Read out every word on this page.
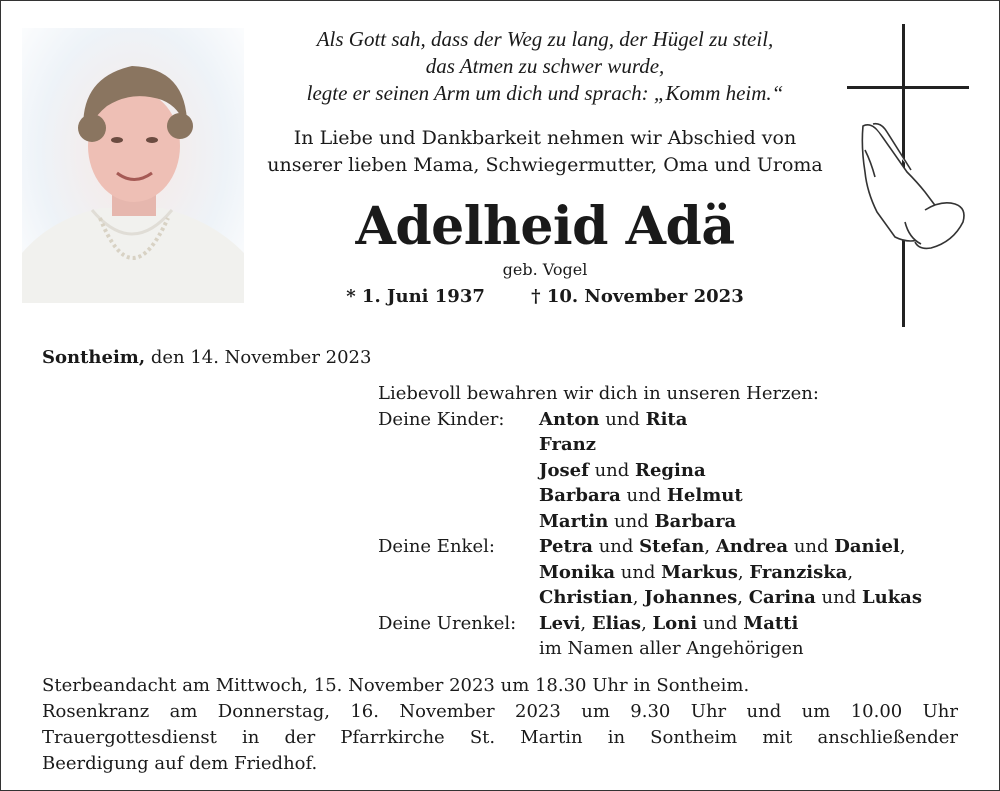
Als Gott sah, dass der Weg zu lang, der Hügel zu steil,
das Atmen zu schwer wurde,
legte er seinen Arm um dich und sprach: „Komm heim.“
In Liebe und Dankbarkeit nehmen wir Abschied von
unserer lieben Mama, Schwiegermutter, Oma und Uroma
Adelheid Adä
geb. Vogel
* 1. Juni 1937	† 10. November 2023
Sontheim, den 14. November 2023
Liebevoll bewahren wir dich in unseren Herzen:
Deine Kinder:	Anton und Rita
Franz
Josef und Regina
Barbara und Helmut
Martin und Barbara
Deine Enkel:	Petra und Stefan, Andrea und Daniel,
Monika und Markus, Franziska,
Christian, Johannes, Carina und Lukas
Deine Urenkel:	Levi, Elias, Loni und Matti
im Namen aller Angehörigen
Sterbeandacht am Mittwoch, 15. November 2023 um 18.30 Uhr in Sontheim.
Rosenkranz am Donnerstag, 16. November 2023 um 9.30 Uhr und um 10.00 Uhr
Trauergottesdienst in der Pfarrkirche St. Martin in Sontheim mit anschließender
Beerdigung auf dem Friedhof.
